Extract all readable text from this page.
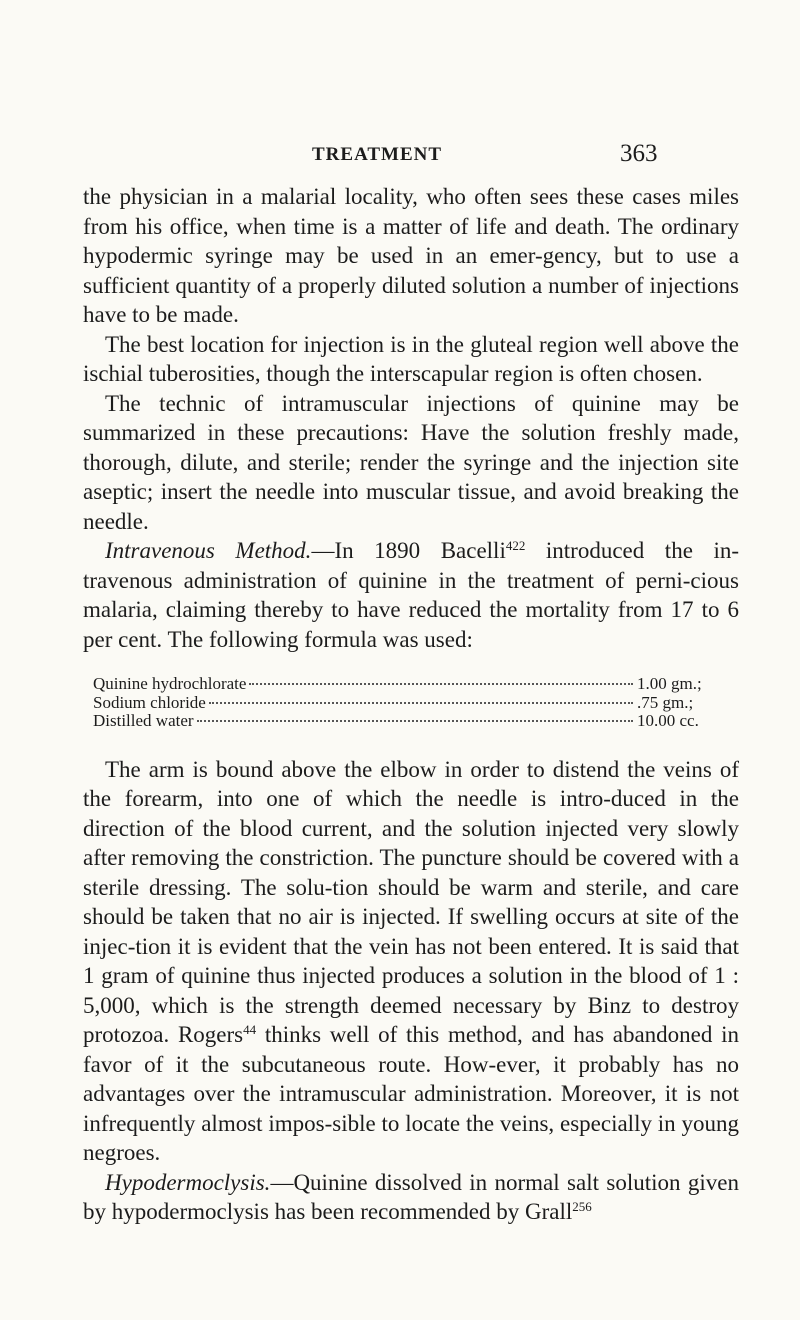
TREATMENT	363

the physician in a malarial locality, who often sees these cases miles from his office, when time is a matter of life and death. The ordinary hypodermic syringe may be used in an emer-gency, but to use a sufficient quantity of a properly diluted solution a number of injections have to be made.

The best location for injection is in the gluteal region well above the ischial tuberosities, though the interscapular region is often chosen.

The technic of intramuscular injections of quinine may be summarized in these precautions: Have the solution freshly made, thorough, dilute, and sterile; render the syringe and the injection site aseptic; insert the needle into muscular tissue, and avoid breaking the needle.

Intravenous Method.—In 1890 Bacelli$^{422}$ introduced the in-travenous administration of quinine in the treatment of perni-cious malaria, claiming thereby to have reduced the mortality from 17 to 6 per cent. The following formula was used:

Quinine hydrochlorate	1.00 gm.;
Sodium chloride	.75 gm.;
Distilled water	10.00 cc.

The arm is bound above the elbow in order to distend the veins of the forearm, into one of which the needle is intro-duced in the direction of the blood current, and the solution injected very slowly after removing the constriction. The puncture should be covered with a sterile dressing. The solu-tion should be warm and sterile, and care should be taken that no air is injected. If swelling occurs at site of the injec-tion it is evident that the vein has not been entered. It is said that 1 gram of quinine thus injected produces a solution in the blood of 1 : 5,000, which is the strength deemed necessary by Binz to destroy protozoa. Rogers$^{44}$ thinks well of this method, and has abandoned in favor of it the subcutaneous route. How-ever, it probably has no advantages over the intramuscular administration. Moreover, it is not infrequently almost impos-sible to locate the veins, especially in young negroes.

Hypodermoclysis.—Quinine dissolved in normal salt solution given by hypodermoclysis has been recommended by Grall$^{256}$
